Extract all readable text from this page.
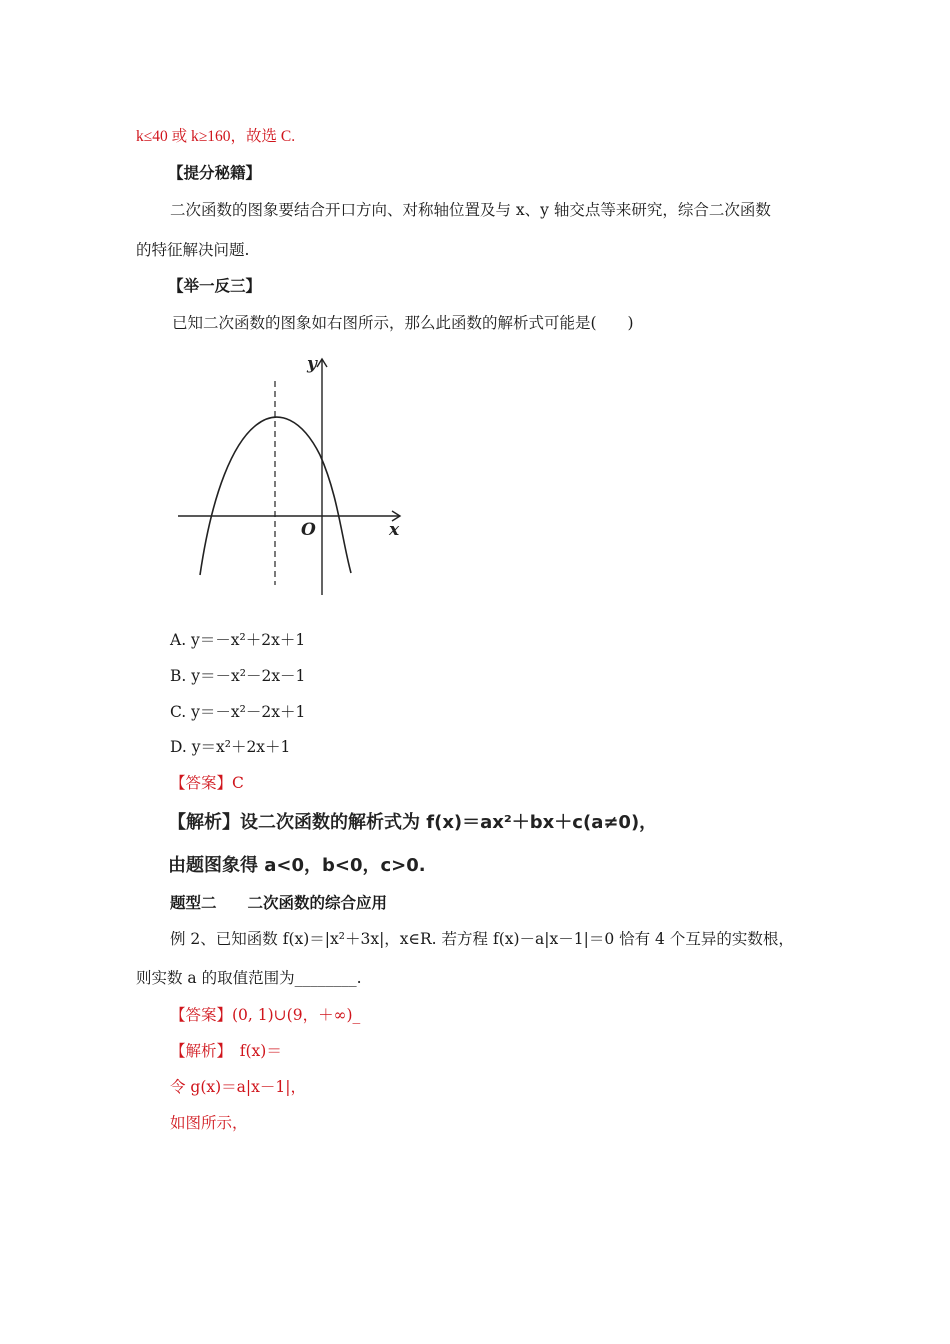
k≤40 或 k≥160，故选 C.
【提分秘籍】
二次函数的图象要结合开口方向、对称轴位置及与 x、y 轴交点等来研究，综合二次函数
的特征解决问题.
【举一反三】
已知二次函数的图象如右图所示，那么此函数的解析式可能是(　　)
y
x
O
A. y＝－x²＋2x＋1
B. y＝－x²－2x－1
C. y＝－x²－2x＋1
D. y＝x²＋2x＋1
【答案】C
【解析】设二次函数的解析式为 f(x)＝ax²＋bx＋c(a≠0)，
由题图象得 a<0，b<0，c>0.
题型二　　二次函数的综合应用
例 2、已知函数 f(x)＝|x²＋3x|，x∈R. 若方程 f(x)－a|x－1|＝0 恰有 4 个互异的实数根，
则实数 a 的取值范围为________.
【答案】(0, 1)∪(9，＋∞)_
【解析】　f(x)＝
令 g(x)＝a|x－1|，
如图所示，
